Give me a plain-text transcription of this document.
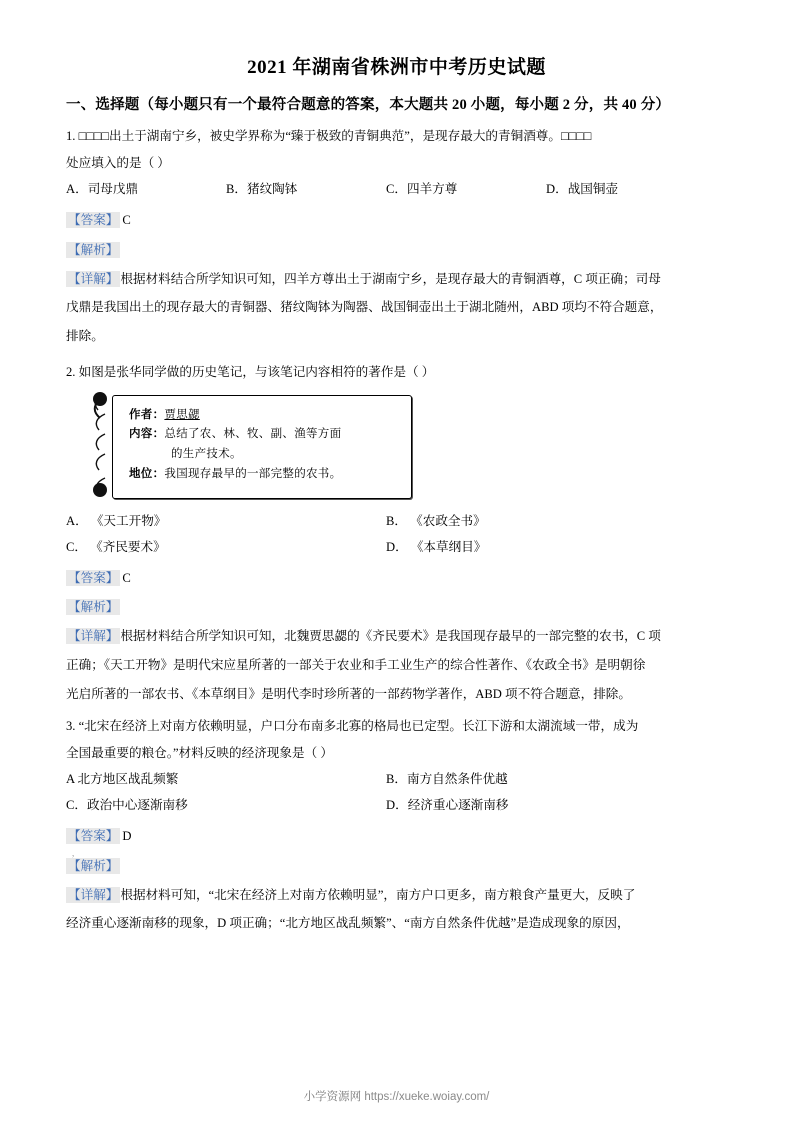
2021 年湖南省株洲市中考历史试题
一、选择题（每小题只有一个最符合题意的答案，本大题共 20 小题，每小题 2 分，共 40 分）
1. □□□□出土于湖南宁乡，被史学界称为“臻于极致的青铜典范”，是现存最大的青铜酒尊。□□□□
处应填入的是（ ）
A．司母戊鼎	B．猪纹陶钵	C．四羊方尊	D．战国铜壶
【答案】 C
【解析】
【详解】 根据材料结合所学知识可知，四羊方尊出土于湖南宁乡，是现存最大的青铜酒尊，C 项正确；司母
戊鼎是我国出土的现存最大的青铜器、猪纹陶钵为陶器、战国铜壶出土于湖北随州，ABD 项均不符合题意，
排除。
2. 如图是张华同学做的历史笔记，与该笔记内容相符的著作是（ ）
作者：贾思勰
内容：总结了农、林、牧、副、渔等方面
的生产技术。
地位：我国现存最早的一部完整的农书。
A． 《天工开物》	B． 《农政全书》
C． 《齐民要术》	D． 《本草纲目》
【答案】 C
【解析】
【详解】 根据材料结合所学知识可知，北魏贾思勰的《齐民要术》是我国现存最早的一部完整的农书，C 项
正确；《天工开物》是明代宋应星所著的一部关于农业和手工业生产的综合性著作、《农政全书》是明朝徐
光启所著的一部农书、《本草纲目》是明代李时珍所著的一部药物学著作，ABD 项不符合题意，排除。
3. “北宋在经济上对南方依赖明显，户口分布南多北寡的格局也已定型。长江下游和太湖流域一带，成为
全国最重要的粮仓。”材料反映的经济现象是（ ）
A 北方地区战乱频繁	B．南方自然条件优越
C．政治中心逐渐南移	D．经济重心逐渐南移
【答案】 D
【解析】
【详解】 根据材料可知，“北宋在经济上对南方依赖明显”，南方户口更多，南方粮食产量更大，反映了
经济重心逐渐南移的现象，D 项正确；“北方地区战乱频繁”、“南方自然条件优越”是造成现象的原因，
,
小学资源网 https://xueke.woiay.com/
